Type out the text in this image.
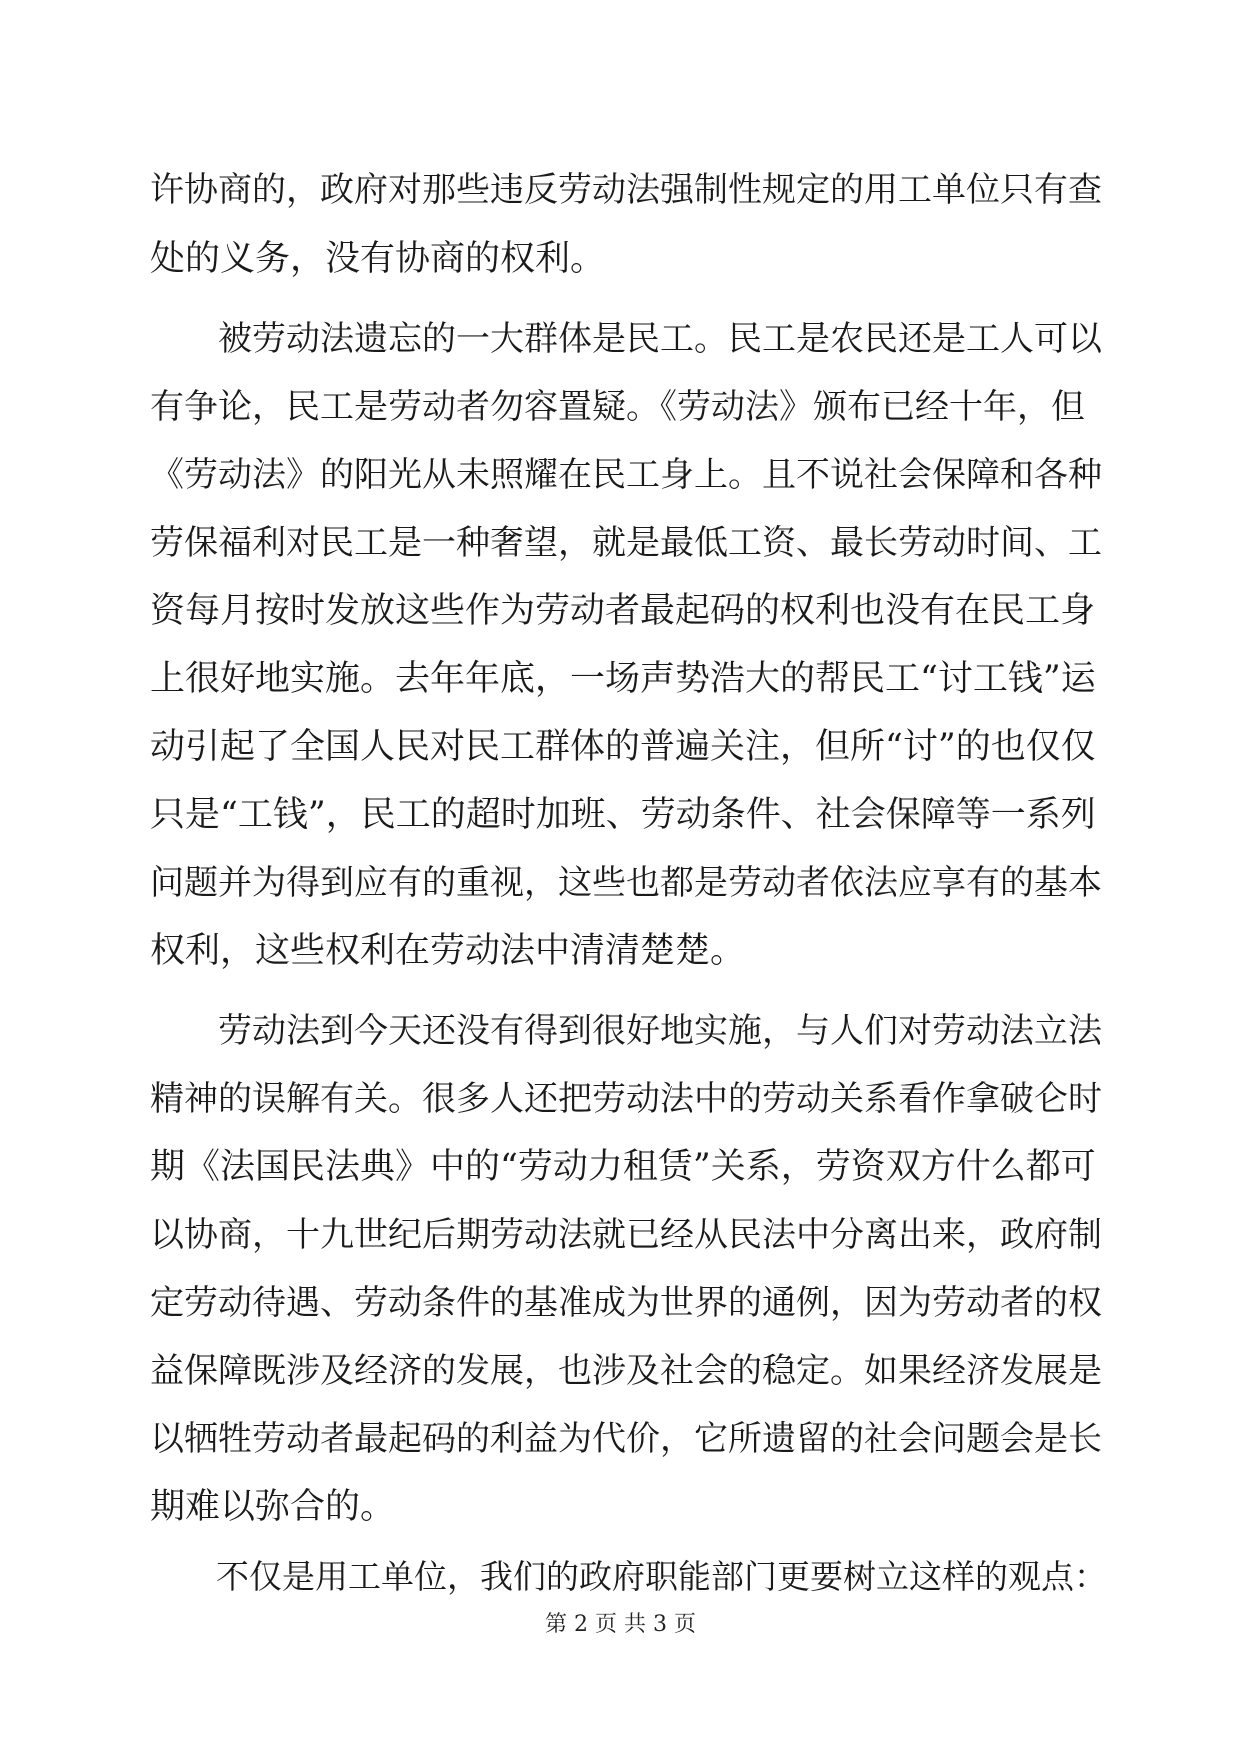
许协商的，政府对那些违反劳动法强制性规定的用工单位只有查
处的义务，没有协商的权利。
　　被劳动法遗忘的一大群体是民工。民工是农民还是工人可以
有争论，民工是劳动者勿容置疑。《劳动法》颁布已经十年，但
《劳动法》的阳光从未照耀在民工身上。且不说社会保障和各种
劳保福利对民工是一种奢望，就是最低工资、最长劳动时间、工
资每月按时发放这些作为劳动者最起码的权利也没有在民工身
上很好地实施。去年年底，一场声势浩大的帮民工“讨工钱”运
动引起了全国人民对民工群体的普遍关注，但所“讨”的也仅仅
只是“工钱”，民工的超时加班、劳动条件、社会保障等一系列
问题并为得到应有的重视，这些也都是劳动者依法应享有的基本
权利，这些权利在劳动法中清清楚楚。
　　劳动法到今天还没有得到很好地实施，与人们对劳动法立法
精神的误解有关。很多人还把劳动法中的劳动关系看作拿破仑时
期《法国民法典》中的“劳动力租赁”关系，劳资双方什么都可
以协商，十九世纪后期劳动法就已经从民法中分离出来，政府制
定劳动待遇、劳动条件的基准成为世界的通例，因为劳动者的权
益保障既涉及经济的发展，也涉及社会的稳定。如果经济发展是
以牺牲劳动者最起码的利益为代价，它所遗留的社会问题会是长
期难以弥合的。
　　不仅是用工单位，我们的政府职能部门更要树立这样的观点：
第 2 页 共 3 页
